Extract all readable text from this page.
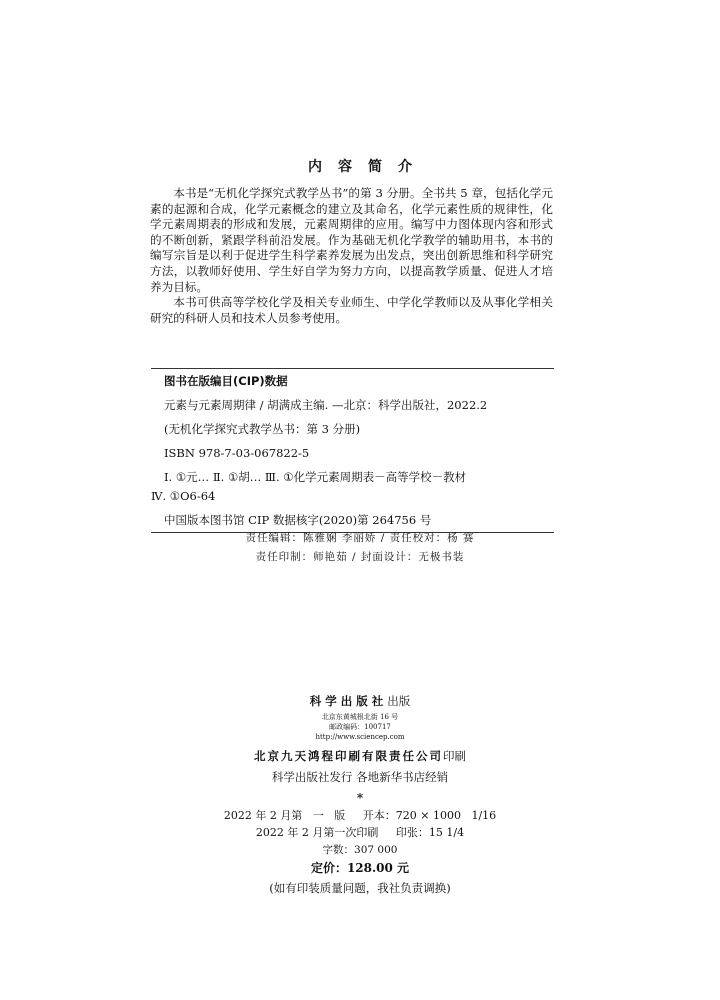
内容简介

本书是“无机化学探究式教学丛书”的第 3 分册。全书共 5 章，包括化学元素的起源和合成，化学元素概念的建立及其命名，化学元素性质的规律性，化学元素周期表的形成和发展，元素周期律的应用。编写中力图体现内容和形式的不断创新，紧跟学科前沿发展。作为基础无机化学教学的辅助用书，本书的编写宗旨是以利于促进学生科学素养发展为出发点，突出创新思维和科学研究方法，以教师好使用、学生好自学为努力方向，以提高教学质量、促进人才培养为目标。

本书可供高等学校化学及相关专业师生、中学化学教师以及从事化学相关研究的科研人员和技术人员参考使用。

图书在版编目(CIP)数据
元素与元素周期律 / 胡满成主编. —北京：科学出版社，2022.2
(无机化学探究式教学丛书：第 3 分册)
ISBN 978-7-03-067822-5
Ⅰ. ①元… Ⅱ. ①胡… Ⅲ. ①化学元素周期表－高等学校－教材
Ⅳ. ①O6-64
中国版本图书馆 CIP 数据核字(2020)第 264756 号
责任编辑：陈雅娴 李丽娇 / 责任校对：杨 赛
责任印制：师艳茹 / 封面设计：无极书装
科学出版社出版
北京东黄城根北街 16 号
邮政编码：100717
http://www.sciencep.com
北京九天鸿程印刷有限责任公司印刷
科学出版社发行 各地新华书店经销
*
2022 年 2 月第   一   版     开本：720 × 1000   1/16
2022 年 2 月第一次印刷     印张：15 1/4
字数：307 000
定价：128.00 元
(如有印装质量问题，我社负责调换)
